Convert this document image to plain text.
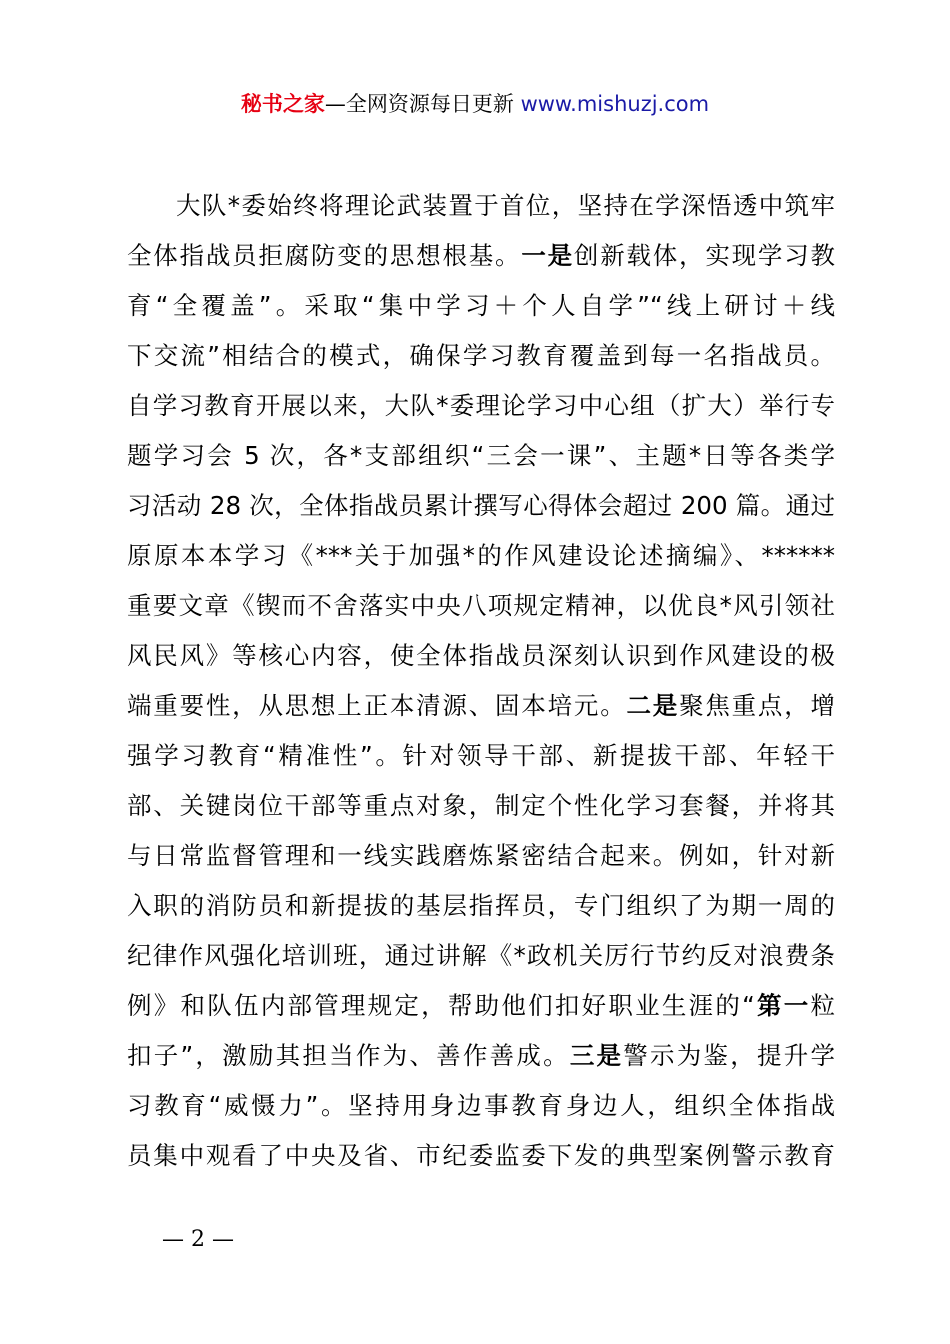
秘书之家—全网资源每日更新 www.mishuzj.com
大队*委始终将理论武装置于首位，坚持在学深悟透中筑牢
全体指战员拒腐防变的思想根基。一是创新载体，实现学习教
育“全覆盖”。采取“集中学习＋个人自学”“线上研讨＋线
下交流”相结合的模式，确保学习教育覆盖到每一名指战员。
自学习教育开展以来，大队*委理论学习中心组（扩大）举行专
题学习会 5 次，各*支部组织“三会一课”、主题*日等各类学
习活动 28 次，全体指战员累计撰写心得体会超过 200 篇。通过
原原本本学习《***关于加强*的作风建设论述摘编》、******
重要文章《锲而不舍落实中央八项规定精神，以优良*风引领社
风民风》等核心内容，使全体指战员深刻认识到作风建设的极
端重要性，从思想上正本清源、固本培元。二是聚焦重点，增
强学习教育“精准性”。针对领导干部、新提拔干部、年轻干
部、关键岗位干部等重点对象，制定个性化学习套餐，并将其
与日常监督管理和一线实践磨炼紧密结合起来。例如，针对新
入职的消防员和新提拔的基层指挥员，专门组织了为期一周的
纪律作风强化培训班，通过讲解《*政机关厉行节约反对浪费条
例》和队伍内部管理规定，帮助他们扣好职业生涯的“第一粒
扣子”，激励其担当作为、善作善成。三是警示为鉴，提升学
习教育“威慑力”。坚持用身边事教育身边人，组织全体指战
员集中观看了中央及省、市纪委监委下发的典型案例警示教育
— 2 —
